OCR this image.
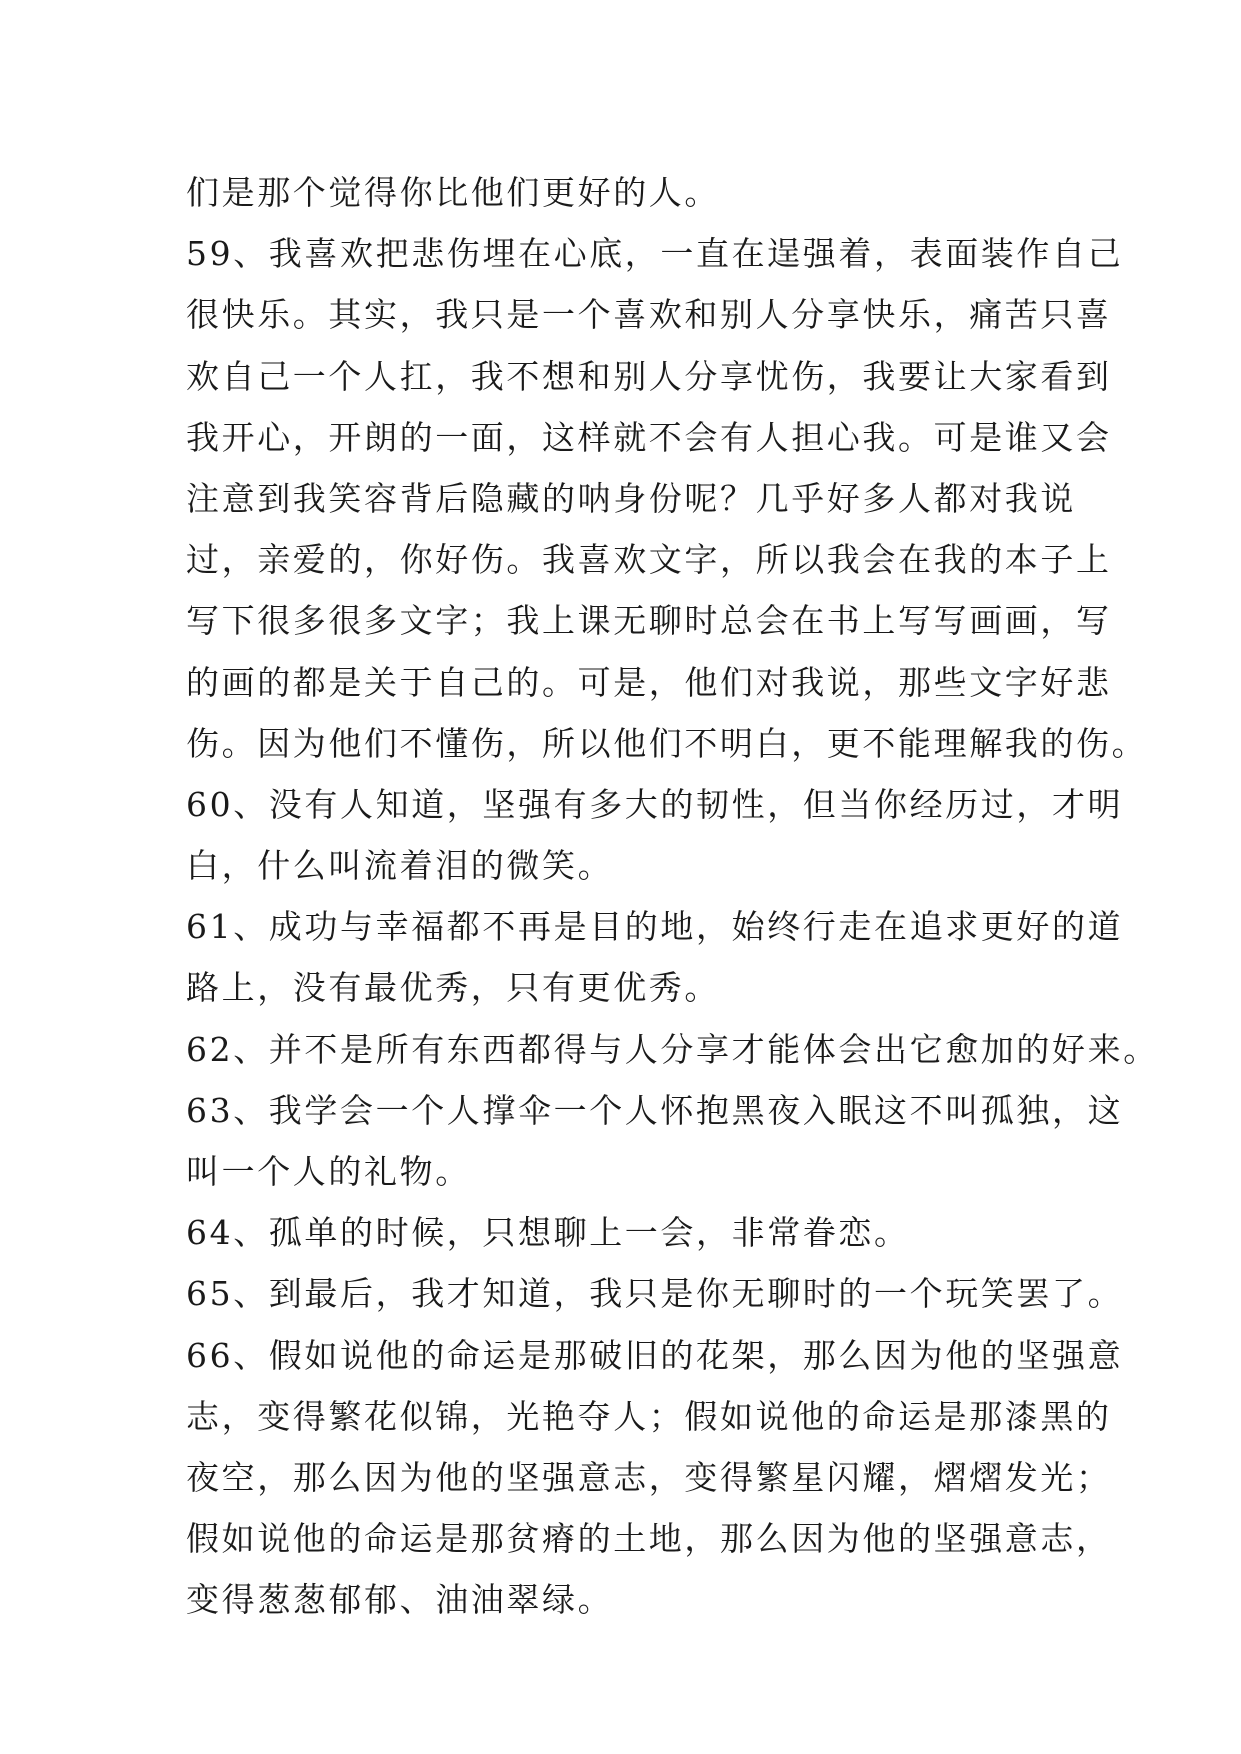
们是那个觉得你比他们更好的人。
59、我喜欢把悲伤埋在心底，一直在逞强着，表面装作自己
很快乐。其实，我只是一个喜欢和别人分享快乐，痛苦只喜
欢自己一个人扛，我不想和别人分享忧伤，我要让大家看到
我开心，开朗的一面，这样就不会有人担心我。可是谁又会
注意到我笑容背后隐藏的呐身份呢？几乎好多人都对我说
过，亲爱的，你好伤。我喜欢文字，所以我会在我的本子上
写下很多很多文字；我上课无聊时总会在书上写写画画，写
的画的都是关于自己的。可是，他们对我说，那些文字好悲
伤。因为他们不懂伤，所以他们不明白，更不能理解我的伤。
60、没有人知道，坚强有多大的韧性，但当你经历过，才明
白，什么叫流着泪的微笑。
61、成功与幸福都不再是目的地，始终行走在追求更好的道
路上，没有最优秀，只有更优秀。
62、并不是所有东西都得与人分享才能体会出它愈加的好来。
63、我学会一个人撑伞一个人怀抱黑夜入眠这不叫孤独，这
叫一个人的礼物。
64、孤单的时候，只想聊上一会，非常眷恋。
65、到最后，我才知道，我只是你无聊时的一个玩笑罢了。
66、假如说他的命运是那破旧的花架，那么因为他的坚强意
志，变得繁花似锦，光艳夺人；假如说他的命运是那漆黑的
夜空，那么因为他的坚强意志，变得繁星闪耀，熠熠发光；
假如说他的命运是那贫瘠的土地，那么因为他的坚强意志，
变得葱葱郁郁、油油翠绿。
